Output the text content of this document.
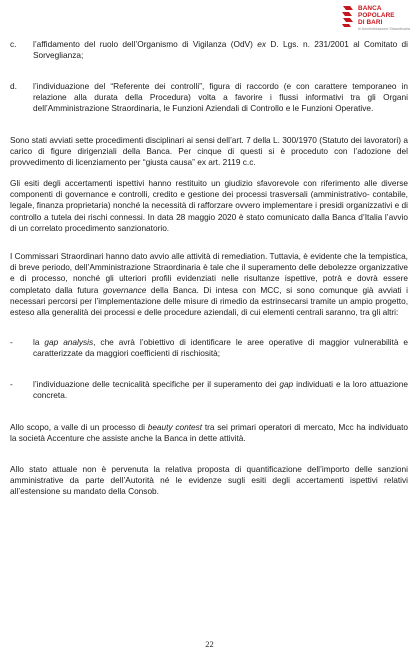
BANCA
POPOLARE
DI BARI
In Amministrazione Straordinaria
c. l’affidamento del ruolo dell’Organismo di Vigilanza (OdV) ex D. Lgs. n. 231/2001 al Comitato di Sorveglianza;
d. l’individuazione del “Referente dei controlli”, figura di raccordo (e con carattere temporaneo in relazione alla durata della Procedura) volta a favorire i flussi informativi tra gli Organi dell’Amministrazione Straordinaria, le Funzioni Aziendali di Controllo e le Funzioni Operative.
Sono stati avviati sette procedimenti disciplinari ai sensi dell’art. 7 della L. 300/1970 (Statuto dei lavoratori) a carico di figure dirigenziali della Banca. Per cinque di questi si è proceduto con l’adozione del provvedimento di licenziamento per “giusta causa” ex art. 2119 c.c.
Gli esiti degli accertamenti ispettivi hanno restituito un giudizio sfavorevole con riferimento alle diverse componenti di governance e controlli, credito e gestione dei processi trasversali (amministrativo- contabile, legale, finanza proprietaria) nonché la necessità di rafforzare ovvero implementare i presidi organizzativi e di controllo a tutela dei rischi connessi. In data 28 maggio 2020 è stato comunicato dalla Banca d’Italia l’avvio di un correlato procedimento sanzionatorio.
I Commissari Straordinari hanno dato avvio alle attività di remediation. Tuttavia, è evidente che la tempistica, di breve periodo, dell’Amministrazione Straordinaria è tale che il superamento delle debolezze organizzative e di processo, nonché gli ulteriori profili evidenziati nelle risultanze ispettive, potrà e dovrà essere completato dalla futura governance della Banca. Di intesa con MCC, si sono comunque già avviati i necessari percorsi per l’implementazione delle misure di rimedio da estrinsecarsi tramite un ampio progetto, esteso alla generalità dei processi e delle procedure aziendali, di cui elementi centrali saranno, tra gli altri:
- la gap analysis, che avrà l’obiettivo di identificare le aree operative di maggior vulnerabilità e caratterizzate da maggiori coefficienti di rischiosità;
- l’individuazione delle tecnicalità specifiche per il superamento dei gap individuati e la loro attuazione concreta.
Allo scopo, a valle di un processo di beauty contest tra sei primari operatori di mercato, Mcc ha individuato la società Accenture che assiste anche la Banca in dette attività.
Allo stato attuale non è pervenuta la relativa proposta di quantificazione dell’importo delle sanzioni amministrative da parte dell’Autorità né le evidenze sugli esiti degli accertamenti ispettivi relativi all’estensione su mandato della Consob.
22
